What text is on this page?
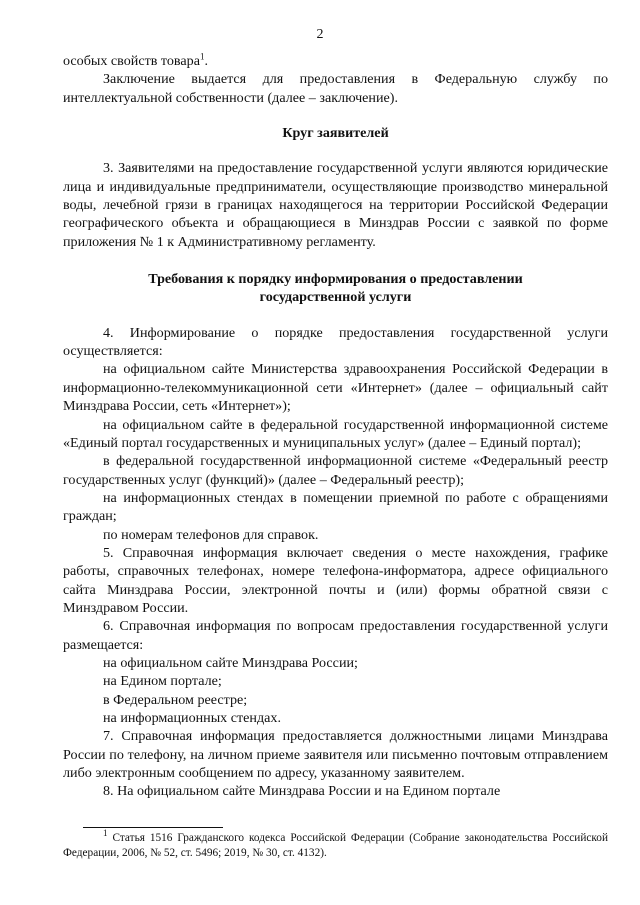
2

особых свойств товара$^1$.

Заключение выдается для предоставления в Федеральную службу по интеллектуальной собственности (далее – заключение).

Круг заявителей

3. Заявителями на предоставление государственной услуги являются юридические лица и индивидуальные предприниматели, осуществляющие производство минеральной воды, лечебной грязи в границах находящегося на территории Российской Федерации географического объекта и обращающиеся в Минздрав России с заявкой по форме приложения № 1 к Административному регламенту.

Требования к порядку информирования о предоставлении
государственной услуги

4. Информирование о порядке предоставления государственной услуги осуществляется:

на официальном сайте Министерства здравоохранения Российской Федерации в информационно-телекоммуникационной сети «Интернет» (далее – официальный сайт Минздрава России, сеть «Интернет»);

на официальном сайте в федеральной государственной информационной системе «Единый портал государственных и муниципальных услуг» (далее – Единый портал);

в федеральной государственной информационной системе «Федеральный реестр государственных услуг (функций)» (далее – Федеральный реестр);

на информационных стендах в помещении приемной по работе с обращениями граждан;

по номерам телефонов для справок.

5. Справочная информация включает сведения о месте нахождения, графике работы, справочных телефонах, номере телефона-информатора, адресе официального сайта Минздрава России, электронной почты и (или) формы обратной связи с Минздравом России.

6. Справочная информация по вопросам предоставления государственной услуги размещается:

на официальном сайте Минздрава России;

на Едином портале;

в Федеральном реестре;

на информационных стендах.

7. Справочная информация предоставляется должностными лицами Минздрава России по телефону, на личном приеме заявителя или письменно почтовым отправлением либо электронным сообщением по адресу, указанному заявителем.

8. На официальном сайте Минздрава России и на Едином портале

$^1$ Статья 1516 Гражданского кодекса Российской Федерации (Собрание законодательства Российской Федерации, 2006, № 52, ст. 5496; 2019, № 30, ст. 4132).
